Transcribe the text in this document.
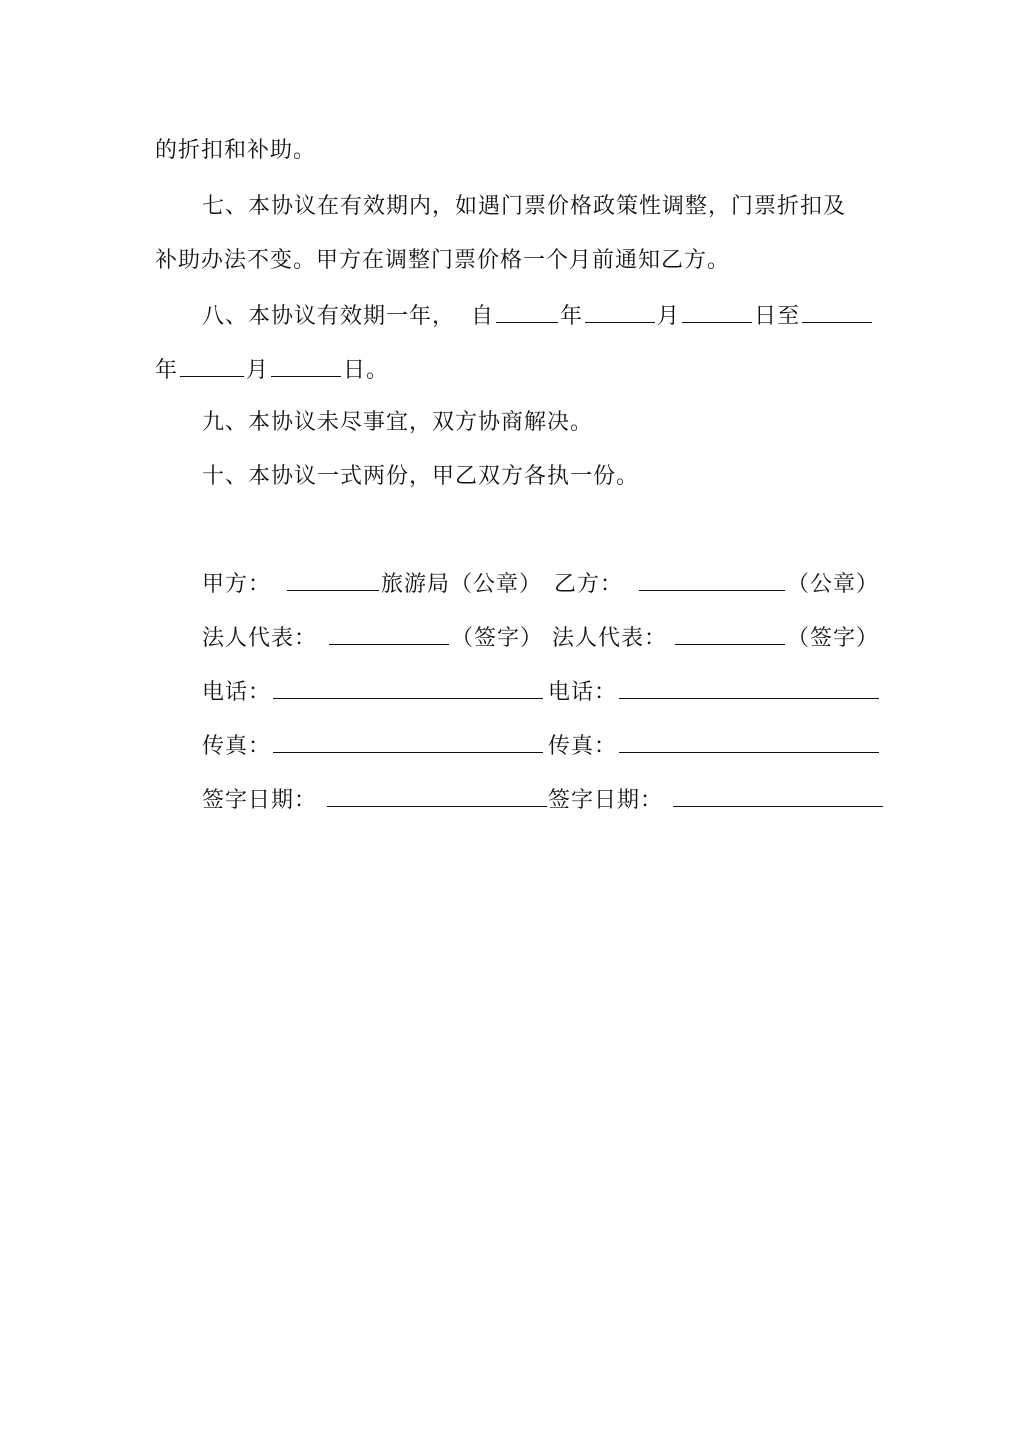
的折扣和补助。
七、本协议在有效期内，如遇门票价格政策性调整，门票折扣及
补助办法不变。甲方在调整门票价格一个月前通知乙方。
八、本协议有效期一年， 自	年	月	日至
年	月	日。
九、本协议未尽事宜，双方协商解决。
十、本协议一式两份，甲乙双方各执一份。
甲方：	旅游局（公章） 乙方：	（公章）
法人代表：	（签字） 法人代表：	（签字）
电话：	电话：
传真：	传真：
签字日期：	签字日期：
